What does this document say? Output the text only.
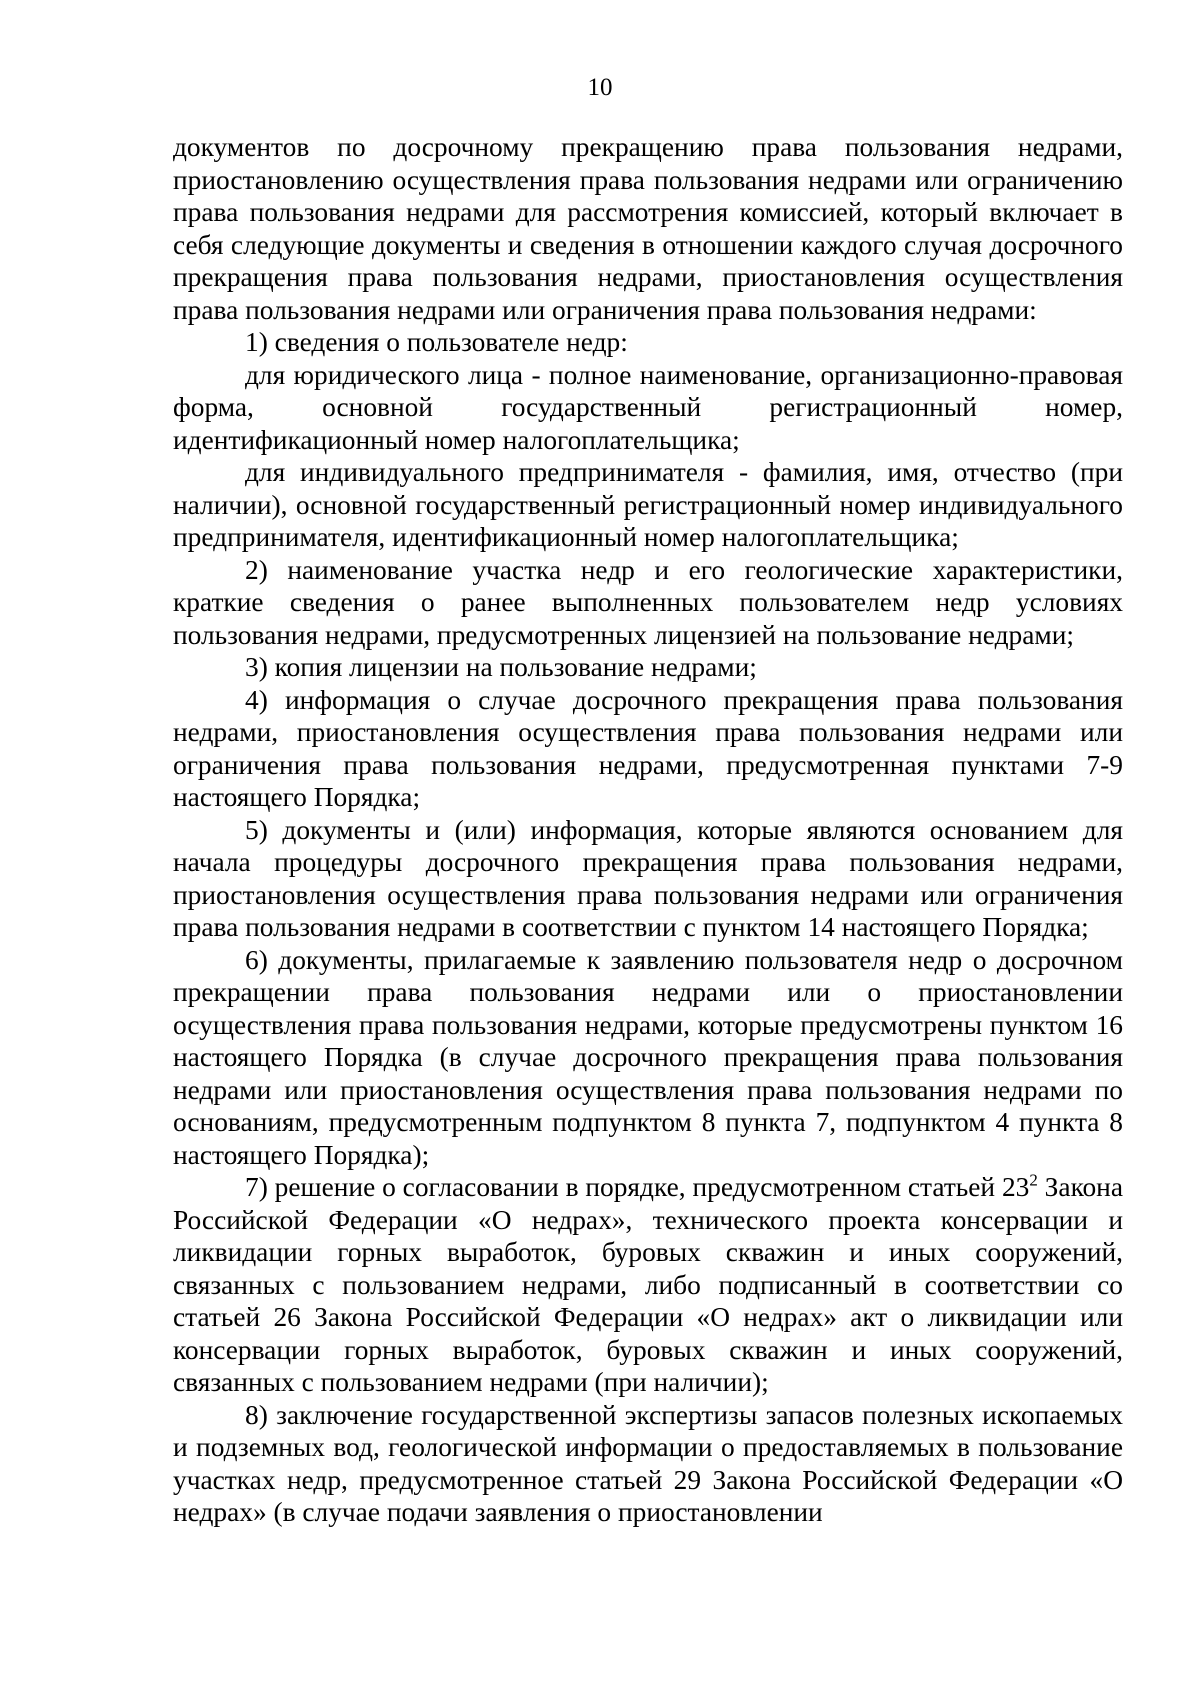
10

документов по досрочному прекращению права пользования недрами, приостановлению осуществления права пользования недрами или ограничению права пользования недрами для рассмотрения комиссией, который включает в себя следующие документы и сведения в отношении каждого случая досрочного прекращения права пользования недрами, приостановления осуществления права пользования недрами или ограничения права пользования недрами:

1) сведения о пользователе недр:

для юридического лица - полное наименование, организационно-правовая форма, основной государственный регистрационный номер, идентификационный номер налогоплательщика;

для индивидуального предпринимателя - фамилия, имя, отчество (при наличии), основной государственный регистрационный номер индивидуального предпринимателя, идентификационный номер налогоплательщика;

2) наименование участка недр и его геологические характеристики, краткие сведения о ранее выполненных пользователем недр условиях пользования недрами, предусмотренных лицензией на пользование недрами;

3) копия лицензии на пользование недрами;

4) информация о случае досрочного прекращения права пользования недрами, приостановления осуществления права пользования недрами или ограничения права пользования недрами, предусмотренная пунктами 7-9 настоящего Порядка;

5) документы и (или) информация, которые являются основанием для начала процедуры досрочного прекращения права пользования недрами, приостановления осуществления права пользования недрами или ограничения права пользования недрами в соответствии с пунктом 14 настоящего Порядка;

6) документы, прилагаемые к заявлению пользователя недр о досрочном прекращении права пользования недрами или о приостановлении осуществления права пользования недрами, которые предусмотрены пунктом 16 настоящего Порядка (в случае досрочного прекращения права пользования недрами или приостановления осуществления права пользования недрами по основаниям, предусмотренным подпунктом 8 пункта 7, подпунктом 4 пункта 8 настоящего Порядка);

7) решение о согласовании в порядке, предусмотренном статьей $23^2$ Закона Российской Федерации «О недрах», технического проекта консервации и ликвидации горных выработок, буровых скважин и иных сооружений, связанных с пользованием недрами, либо подписанный в соответствии со статьей 26 Закона Российской Федерации «О недрах» акт о ликвидации или консервации горных выработок, буровых скважин и иных сооружений, связанных с пользованием недрами (при наличии);

8) заключение государственной экспертизы запасов полезных ископаемых и подземных вод, геологической информации о предоставляемых в пользование участках недр, предусмотренное статьей 29 Закона Российской Федерации «О недрах» (в случае подачи заявления о приостановлении
